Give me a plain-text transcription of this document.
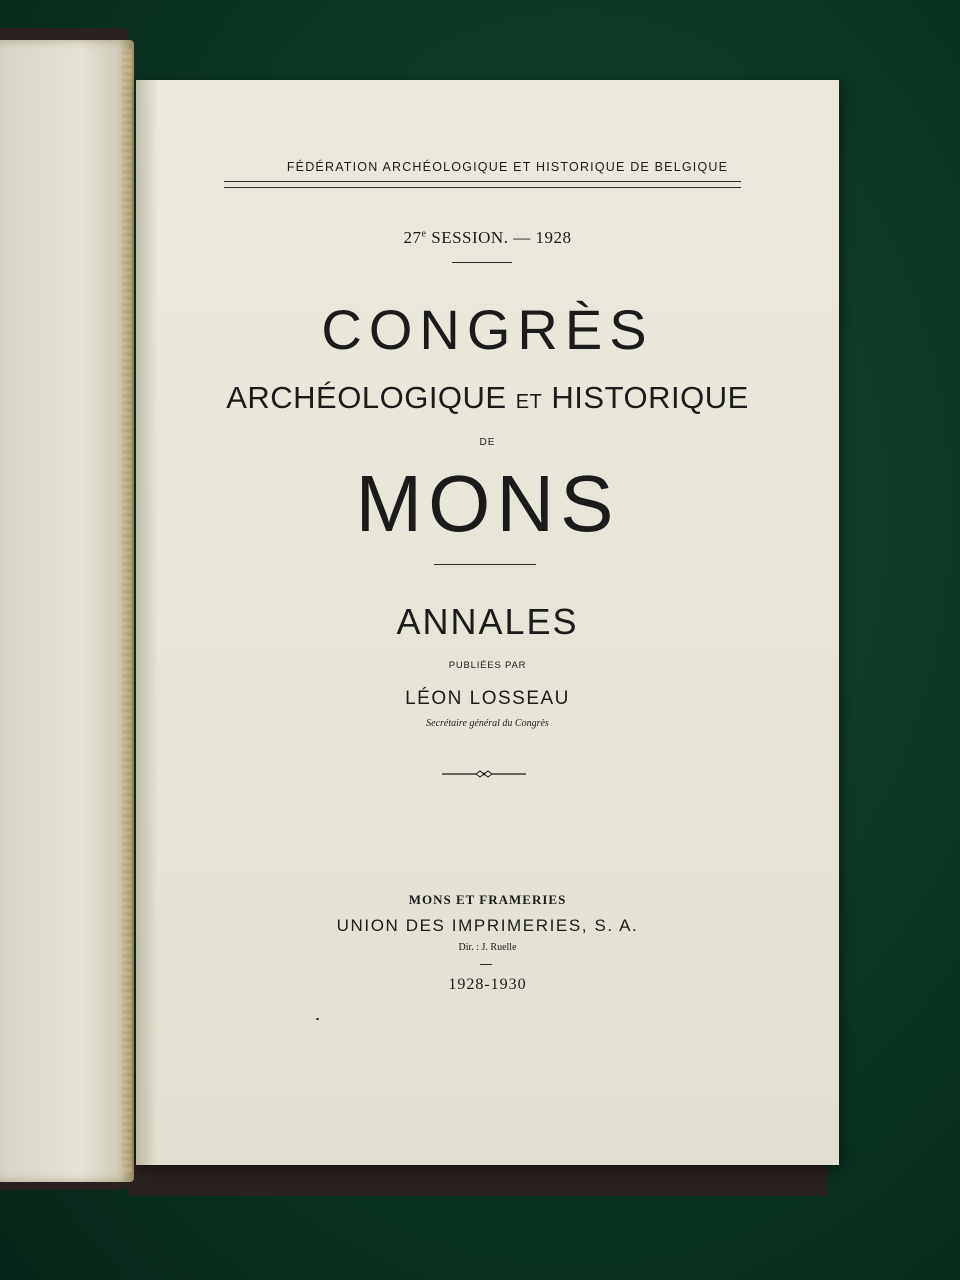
FÉDÉRATION ARCHÉOLOGIQUE ET HISTORIQUE DE BELGIQUE
27e SESSION. — 1928
CONGRÈS
ARCHÉOLOGIQUE ET HISTORIQUE
DE
MONS
ANNALES
PUBLIÉES PAR
LÉON LOSSEAU
Secrétaire général du Congrès
MONS ET FRAMERIES
UNION DES IMPRIMERIES, S. A.
Dir. : J. Ruelle
1928-1930
